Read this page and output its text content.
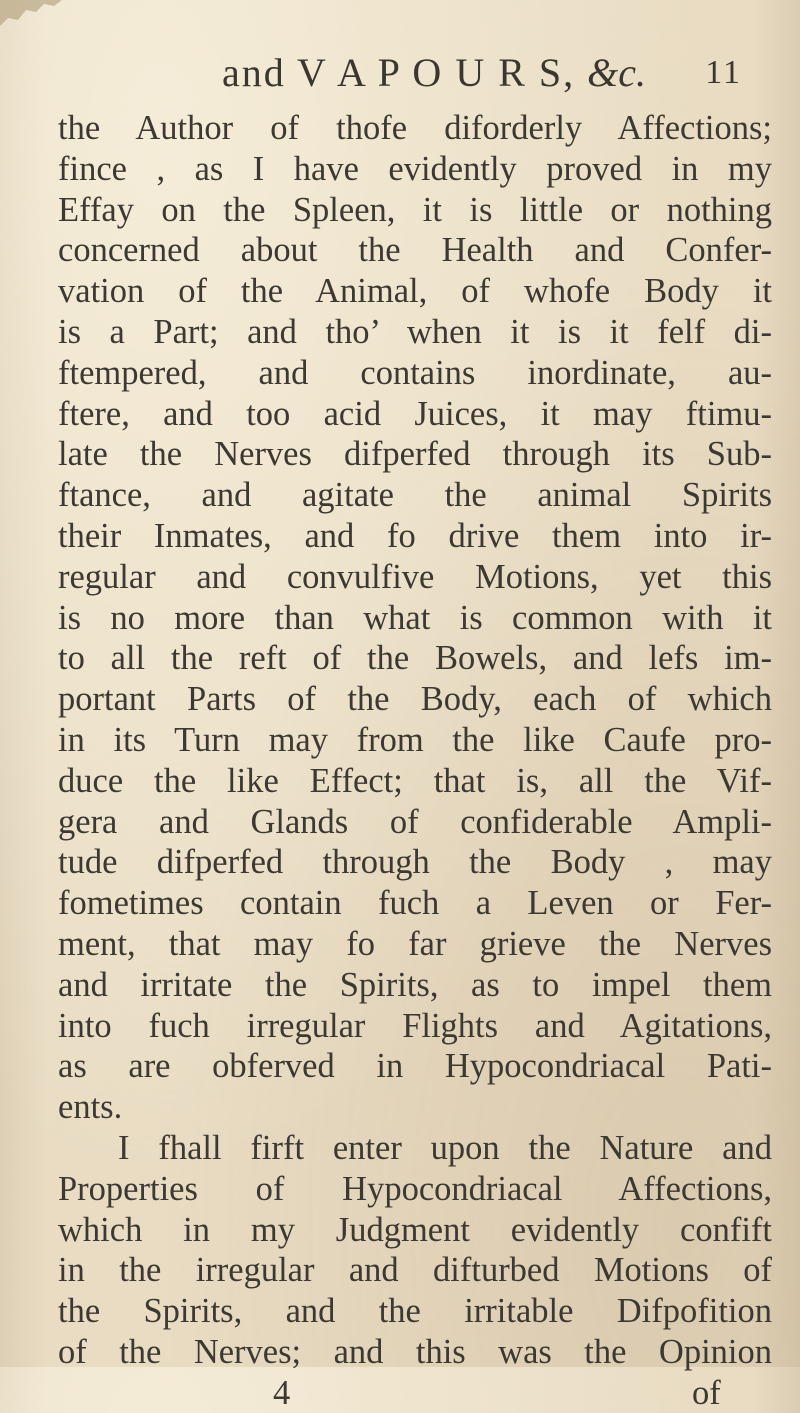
and V A P O U R S, &c. 11
the Author of thofe diforderly Affections;
fince , as I have evidently proved in my
Effay on the Spleen, it is little or nothing
concerned about the Health and Confer-
vation of the Animal, of whofe Body it
is a Part; and tho’ when it is it felf di-
ftempered, and contains inordinate, au-
ftere, and too acid Juices, it may ftimu-
late the Nerves difperfed through its Sub-
ftance, and agitate the animal Spirits
their Inmates, and fo drive them into ir-
regular and convulfive Motions, yet this
is no more than what is common with it
to all the reft of the Bowels, and lefs im-
portant Parts of the Body, each of which
in its Turn may from the like Caufe pro-
duce the like Effect; that is, all the Vif-
gera and Glands of confiderable Ampli-
tude difperfed through the Body , may
fometimes contain fuch a Leven or Fer-
ment, that may fo far grieve the Nerves
and irritate the Spirits, as to impel them
into fuch irregular Flights and Agitations,
as are obferved in Hypocondriacal Pati-
ents.
I fhall firft enter upon the Nature and
Properties of Hypocondriacal Affections,
which in my Judgment evidently confift
in the irregular and difturbed Motions of
the Spirits, and the irritable Difpofition
of the Nerves; and this was the Opinion
4	of
